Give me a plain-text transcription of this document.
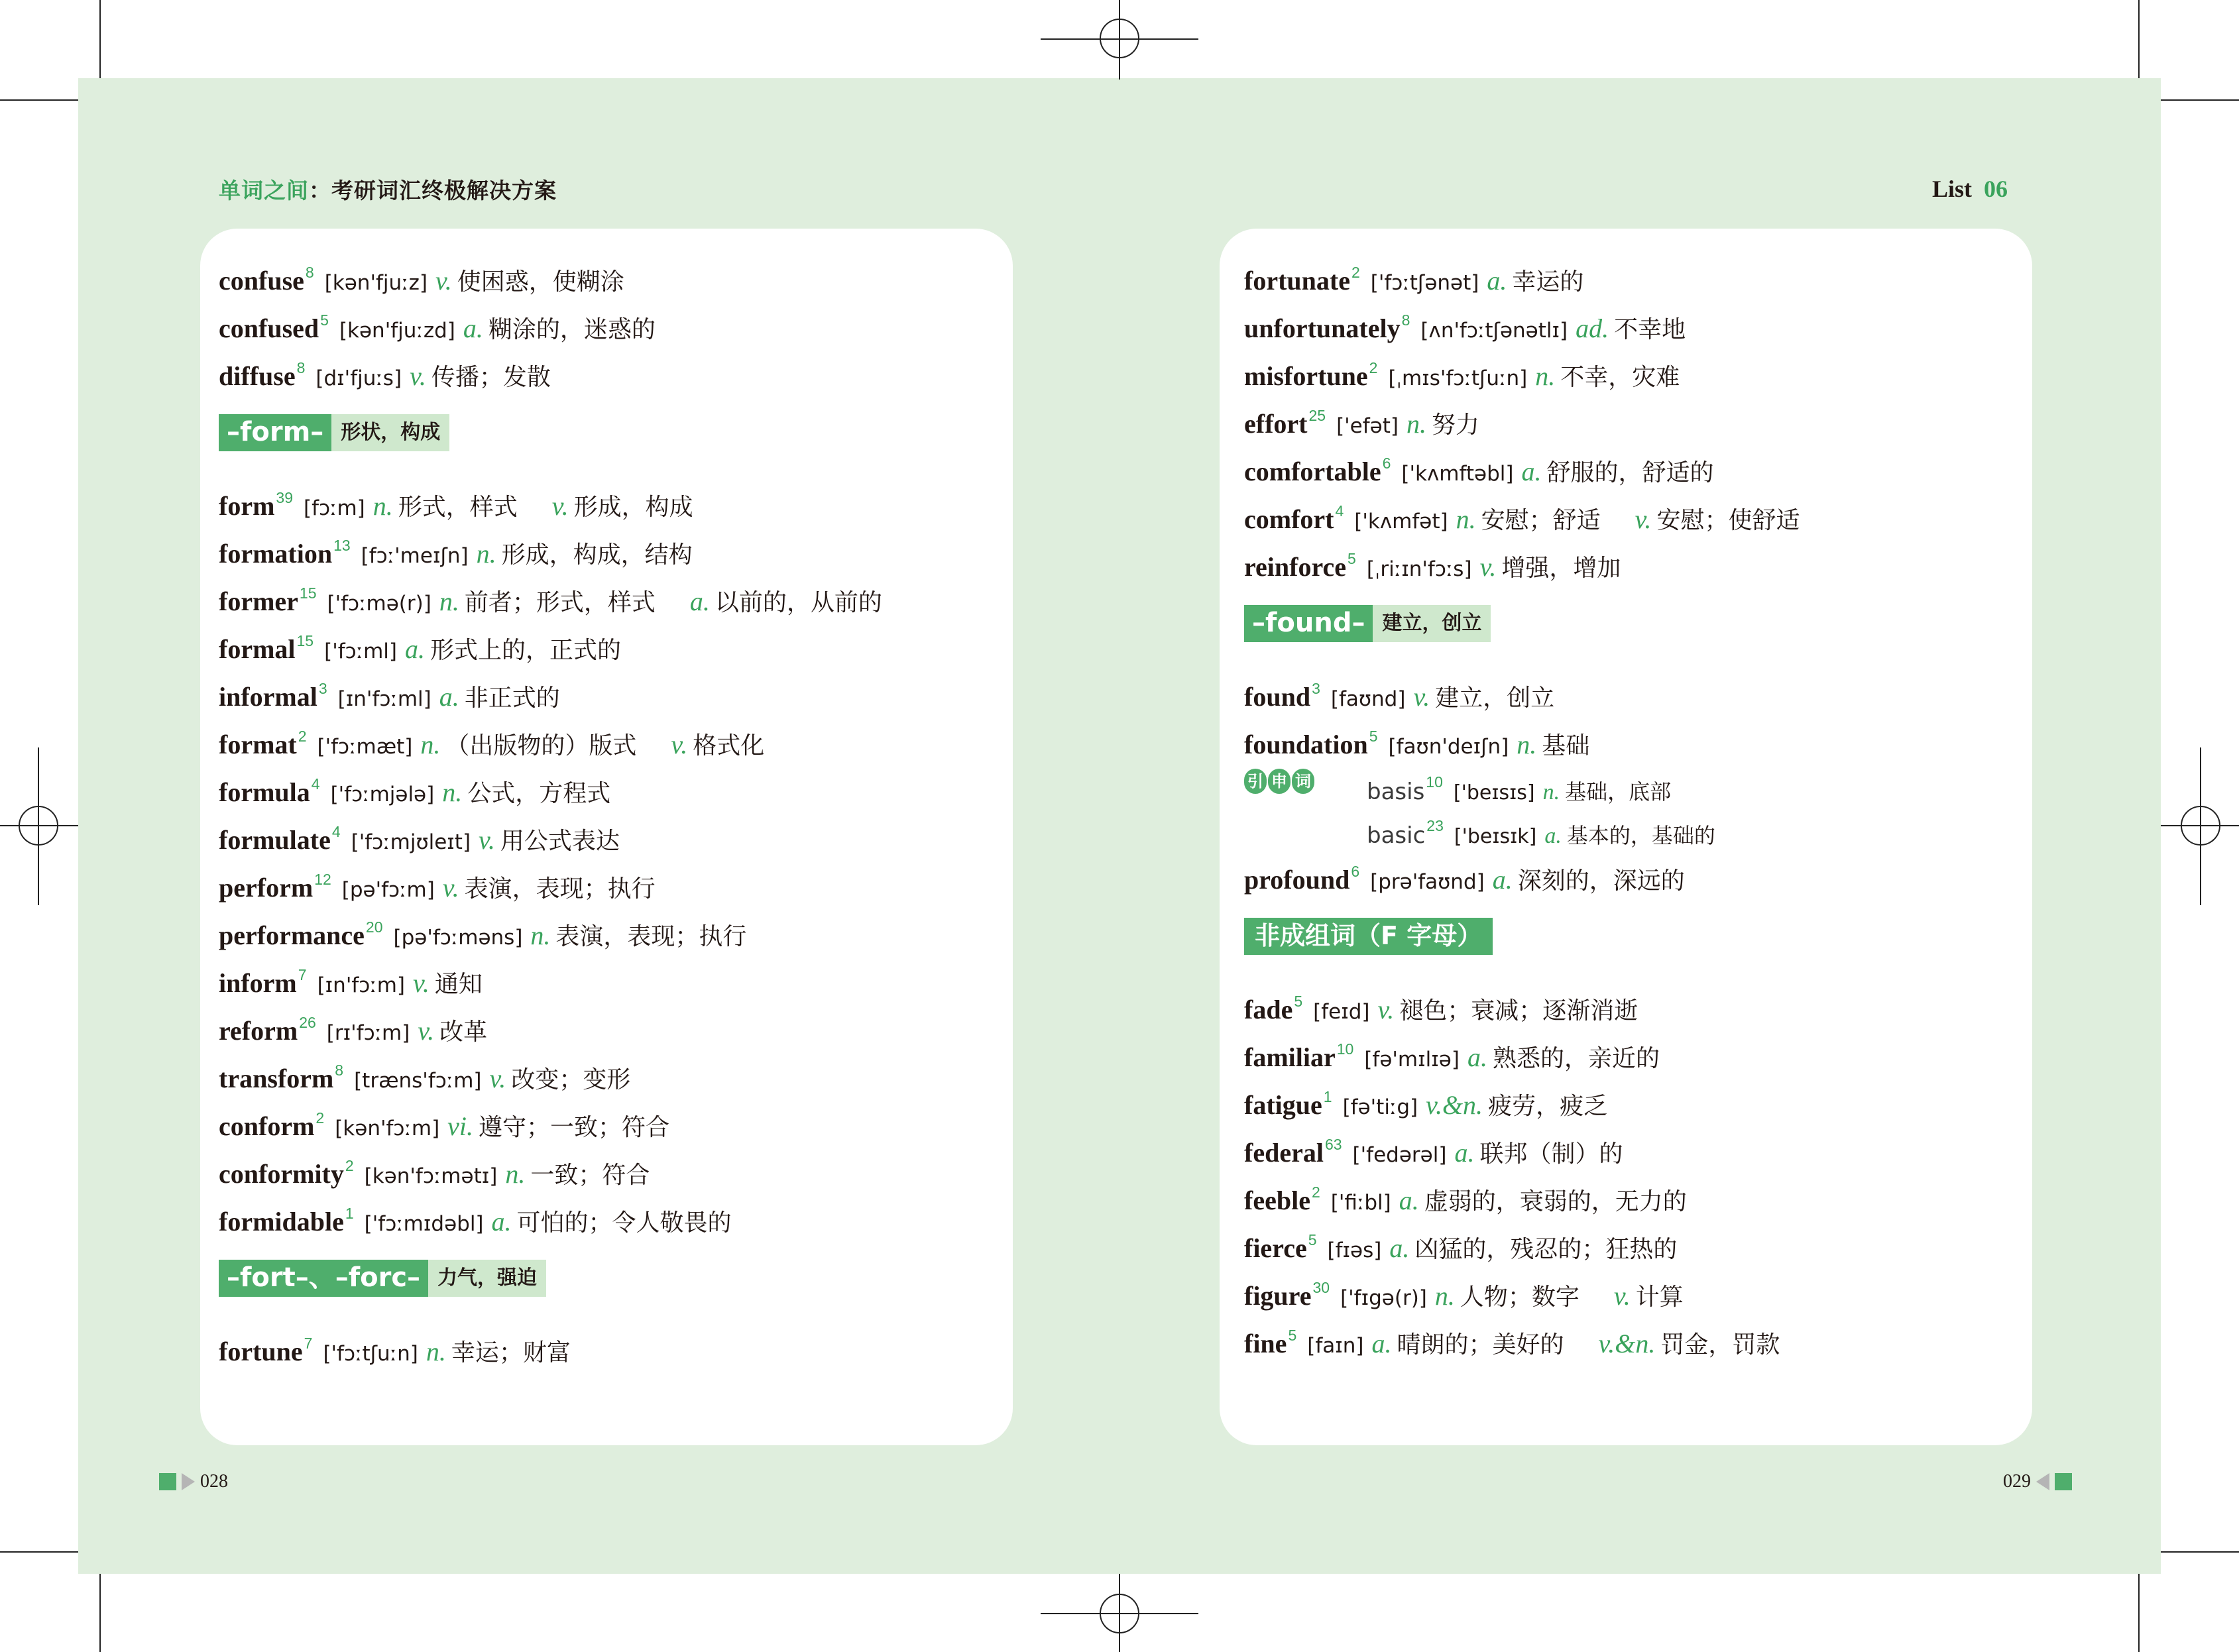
单词之间：考研词汇终极解决方案	List 06
confuse$^8$ [kən'fjuːz] v. 使困惑，使糊涂
confused$^5$ [kən'fjuːzd] a. 糊涂的，迷惑的
diffuse$^8$ [dɪ'fjuːs] v. 传播；发散
–form– 形状，构成
form$^{39}$ [fɔːm] n. 形式，样式 v. 形成，构成
formation$^{13}$ [fɔː'meɪʃn] n. 形成，构成，结构
former$^{15}$ ['fɔːmə(r)] n. 前者；形式，样式 a. 以前的，从前的
formal$^{15}$ ['fɔːml] a. 形式上的，正式的
informal$^3$ [ɪn'fɔːml] a. 非正式的
format$^2$ ['fɔːmæt] n. （出版物的）版式 v. 格式化
formula$^4$ ['fɔːmjələ] n. 公式，方程式
formulate$^4$ ['fɔːmjʊleɪt] v. 用公式表达
perform$^{12}$ [pə'fɔːm] v. 表演，表现；执行
performance$^{20}$ [pə'fɔːməns] n. 表演，表现；执行
inform$^7$ [ɪn'fɔːm] v. 通知
reform$^{26}$ [rɪ'fɔːm] v. 改革
transform$^8$ [træns'fɔːm] v. 改变；变形
conform$^2$ [kən'fɔːm] vi. 遵守；一致；符合
conformity$^2$ [kən'fɔːmətɪ] n. 一致；符合
formidable$^1$ ['fɔːmɪdəbl] a. 可怕的；令人敬畏的
–fort–、–forc– 力气，强迫
fortune$^7$ ['fɔːtʃuːn] n. 幸运；财富
fortunate$^2$ ['fɔːtʃənət] a. 幸运的
unfortunately$^8$ [ʌn'fɔːtʃənətlɪ] ad. 不幸地
misfortune$^2$ [ˌmɪs'fɔːtʃuːn] n. 不幸，灾难
effort$^{25}$ ['efət] n. 努力
comfortable$^6$ ['kʌmftəbl] a. 舒服的，舒适的
comfort$^4$ ['kʌmfət] n. 安慰；舒适 v. 安慰；使舒适
reinforce$^5$ [ˌriːɪn'fɔːs] v. 增强，增加
–found– 建立，创立
found$^3$ [faʊnd] v. 建立，创立
foundation$^5$ [faʊn'deɪʃn] n. 基础
引 申 词 basis10 ['beɪsɪs] n. 基础，底部
basic23 ['beɪsɪk] a. 基本的，基础的
profound$^6$ [prə'faʊnd] a. 深刻的，深远的
非成组词（F 字母）
fade$^5$ [feɪd] v. 褪色；衰减；逐渐消逝
familiar$^{10}$ [fə'mɪlɪə] a. 熟悉的，亲近的
fatigue$^1$ [fə'tiːg] v.&n. 疲劳，疲乏
federal$^{63}$ ['fedərəl] a. 联邦（制）的
feeble$^2$ ['fiːbl] a. 虚弱的，衰弱的，无力的
fierce$^5$ [fɪəs] a. 凶猛的，残忍的；狂热的
figure$^{30}$ ['fɪgə(r)] n. 人物；数字 v. 计算
fine$^5$ [faɪn] a. 晴朗的；美好的 v.&n. 罚金，罚款
028	029
